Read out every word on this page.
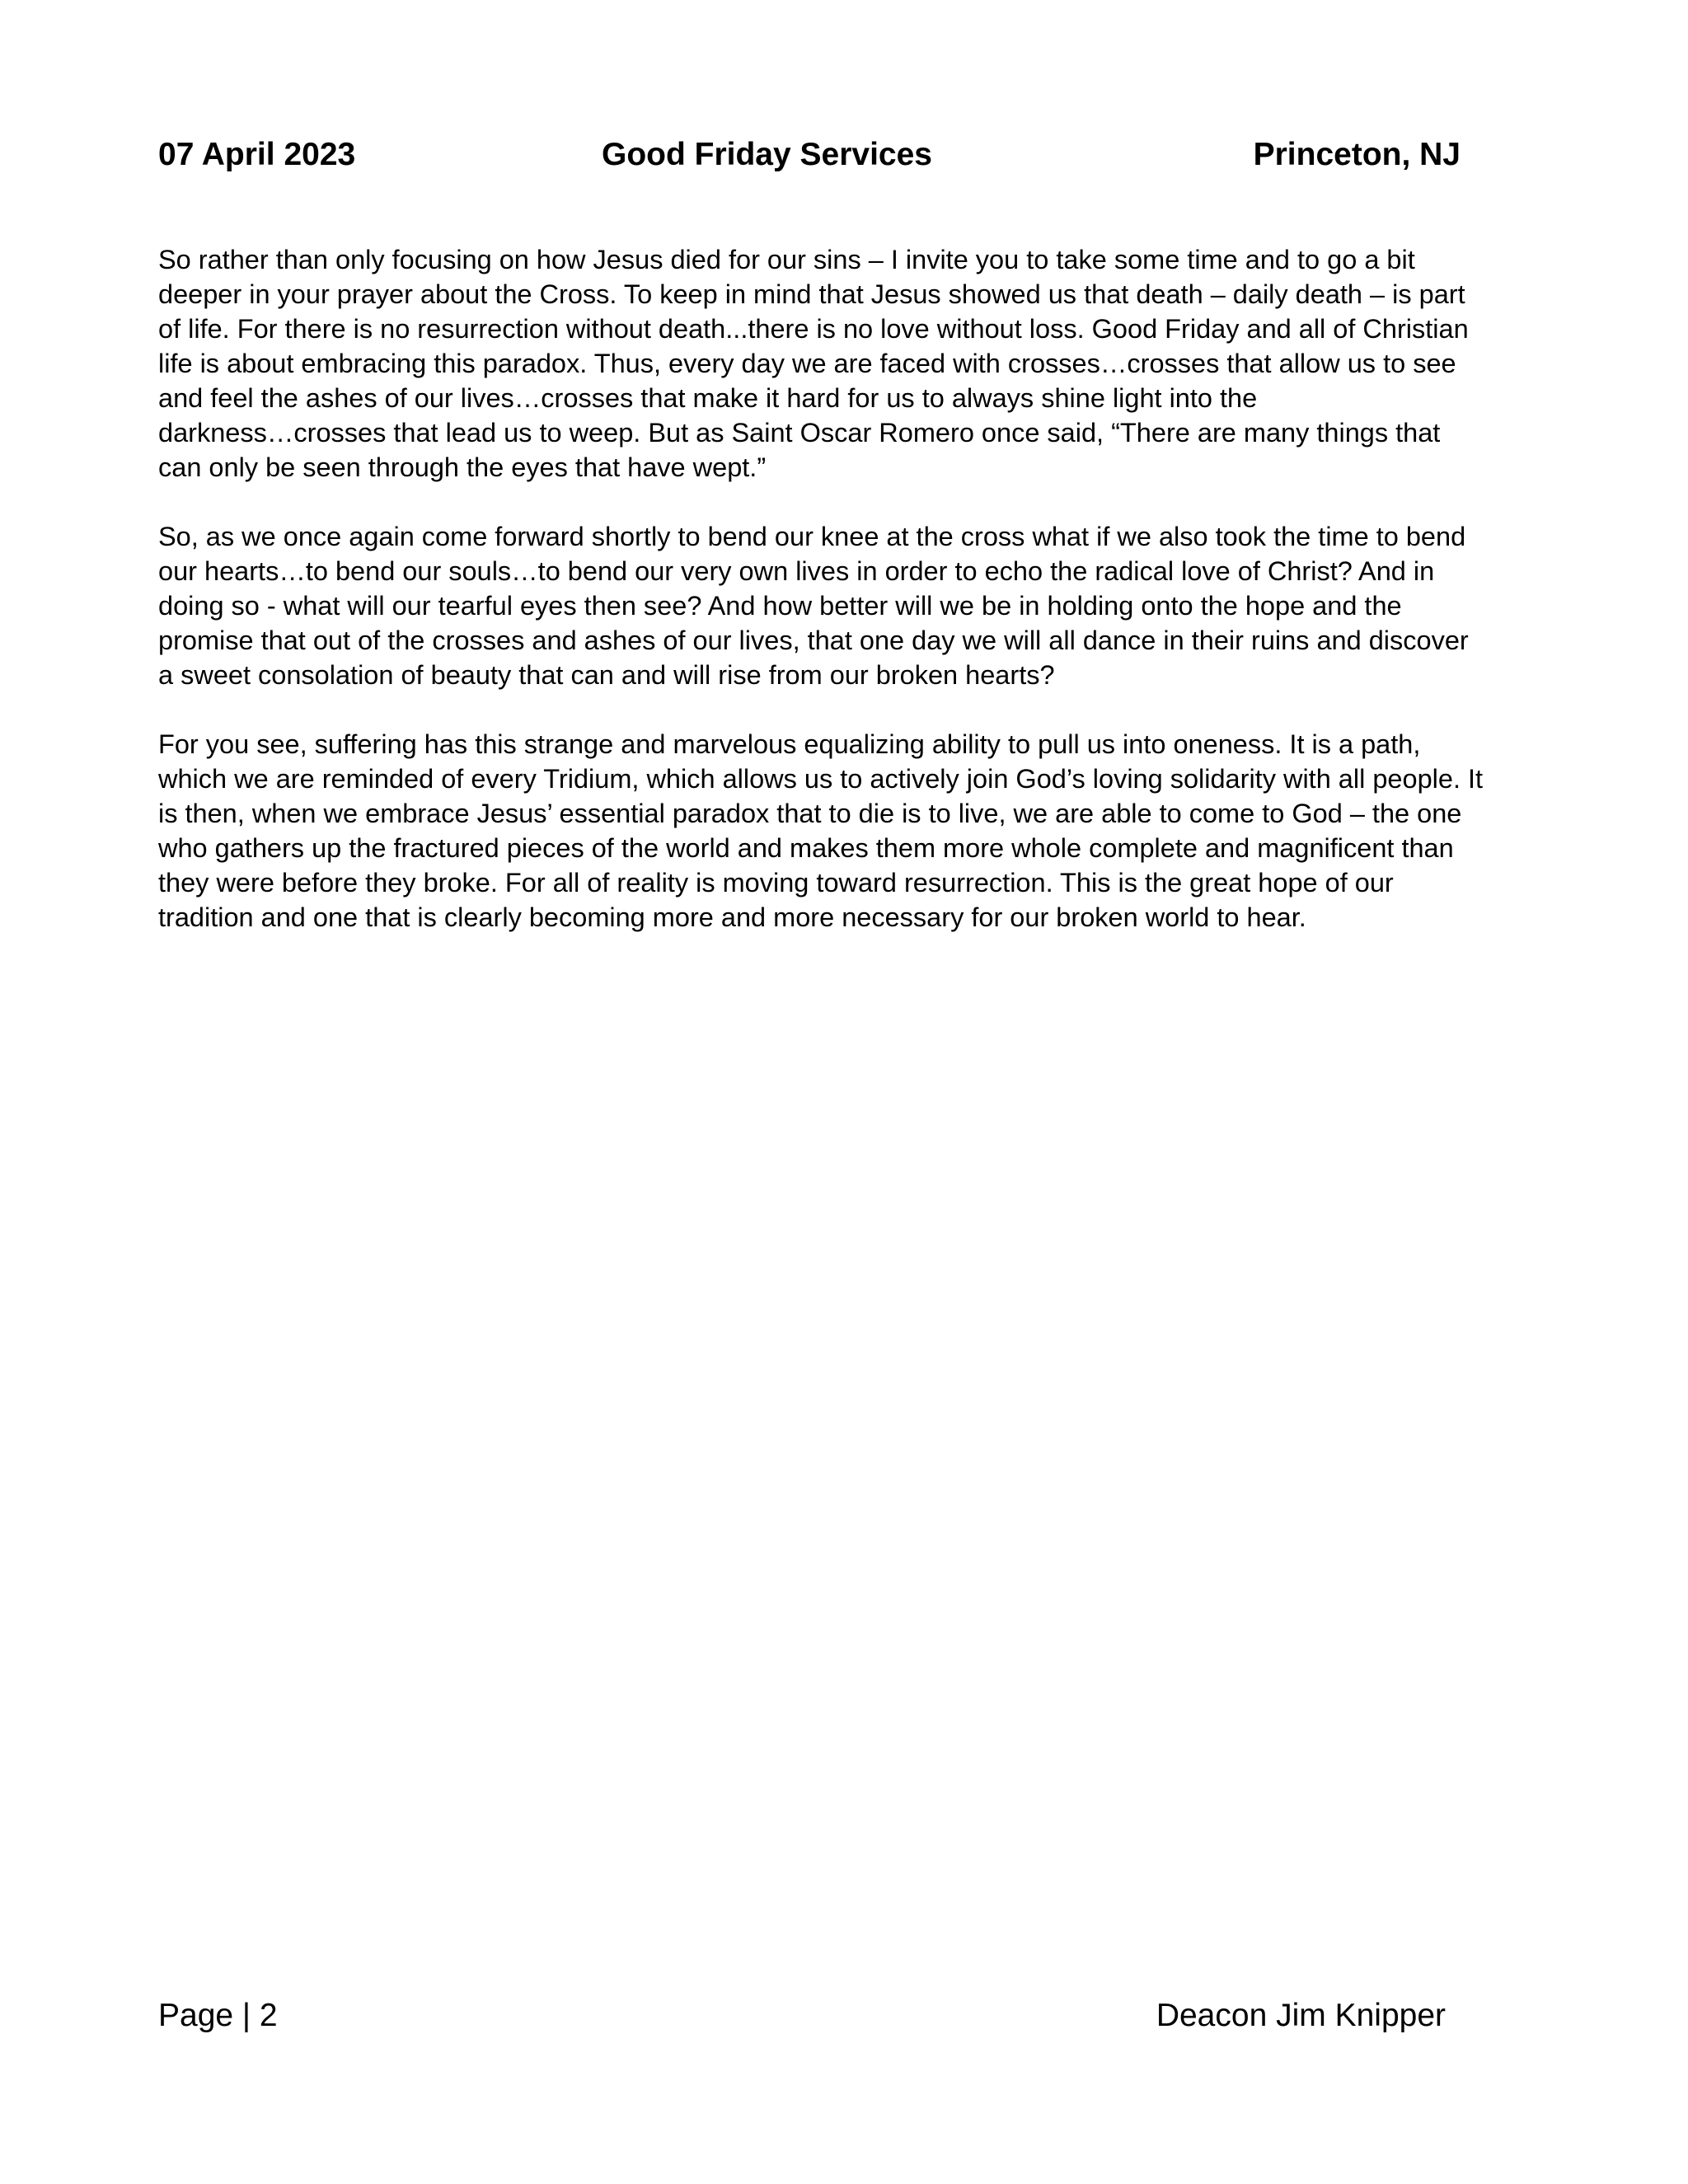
07 April 2023	Good Friday Services	Princeton, NJ

So rather than only focusing on how Jesus died for our sins – I invite you to take some time and to go a bit
deeper in your prayer about the Cross. To keep in mind that Jesus showed us that death – daily death – is part
of life. For there is no resurrection without death...there is no love without loss. Good Friday and all of Christian
life is about embracing this paradox. Thus, every day we are faced with crosses…crosses that allow us to see
and feel the ashes of our lives…crosses that make it hard for us to always shine light into the
darkness…crosses that lead us to weep. But as Saint Oscar Romero once said, “There are many things that
can only be seen through the eyes that have wept.”

So, as we once again come forward shortly to bend our knee at the cross what if we also took the time to bend
our hearts…to bend our souls…to bend our very own lives in order to echo the radical love of Christ? And in
doing so - what will our tearful eyes then see? And how better will we be in holding onto the hope and the
promise that out of the crosses and ashes of our lives, that one day we will all dance in their ruins and discover
a sweet consolation of beauty that can and will rise from our broken hearts?

For you see, suffering has this strange and marvelous equalizing ability to pull us into oneness. It is a path,
which we are reminded of every Tridium, which allows us to actively join God’s loving solidarity with all people. It
is then, when we embrace Jesus’ essential paradox that to die is to live, we are able to come to God – the one
who gathers up the fractured pieces of the world and makes them more whole complete and magnificent than
they were before they broke. For all of reality is moving toward resurrection. This is the great hope of our
tradition and one that is clearly becoming more and more necessary for our broken world to hear.

Page | 2	Deacon Jim Knipper
